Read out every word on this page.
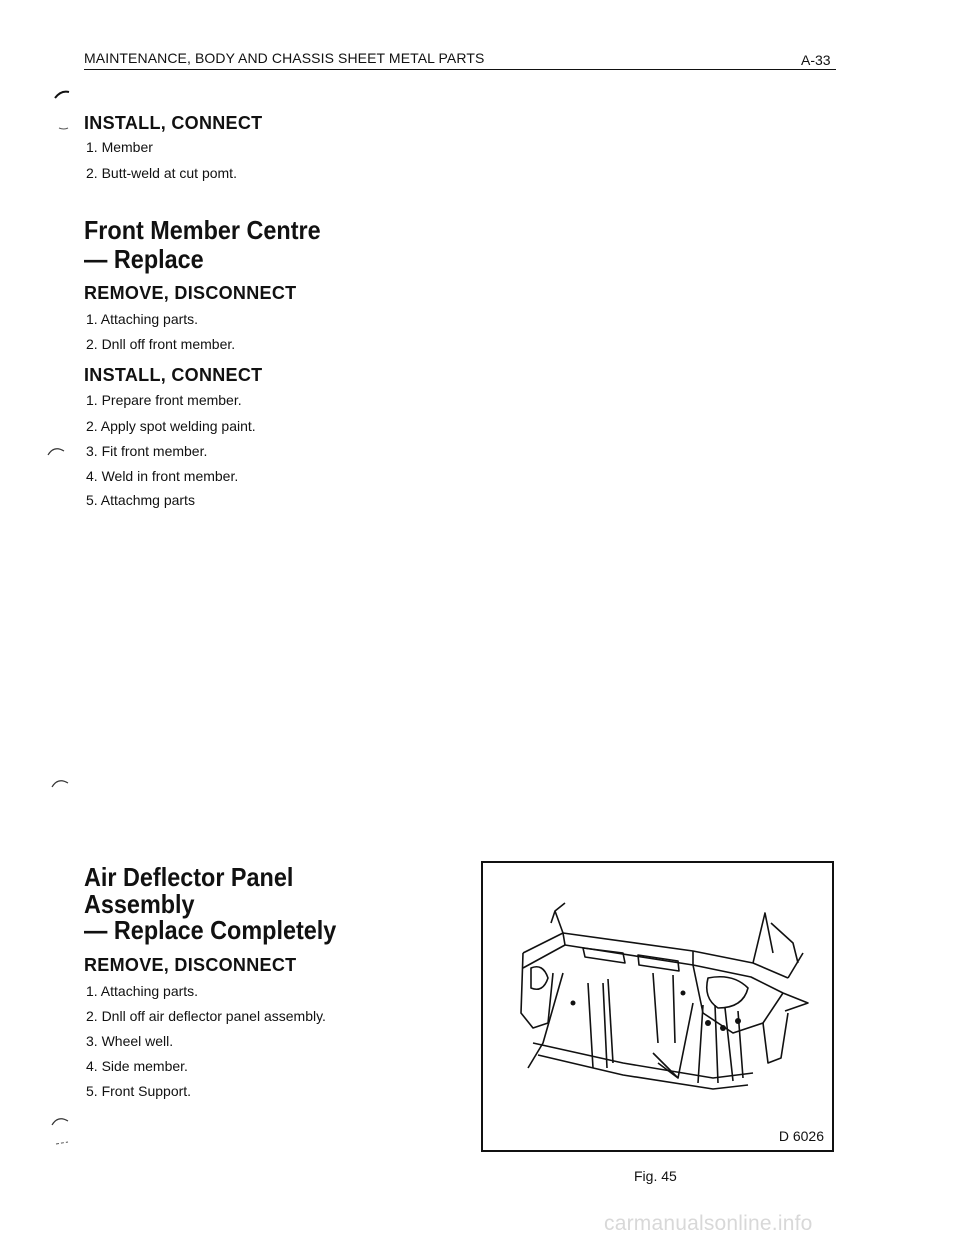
MAINTENANCE, BODY AND CHASSIS SHEET METAL PARTS	A-33
INSTALL, CONNECT
1. Member
2. Butt-weld at cut pomt.
Front Member Centre
— Replace
REMOVE, DISCONNECT
1. Attaching parts.
2. Dnll off front member.
INSTALL, CONNECT
1. Prepare front member.
2. Apply spot welding paint.
3. Fit front member.
4. Weld in front member.
5. Attachmg parts
Air Deflector Panel
Assembly
— Replace Completely
REMOVE, DISCONNECT
1. Attaching parts.
2. Dnll off air deflector panel assembly.
3. Wheel well.
4. Side member.
5. Front Support.
D 6026
Fig. 45
carmanualsonline.info
